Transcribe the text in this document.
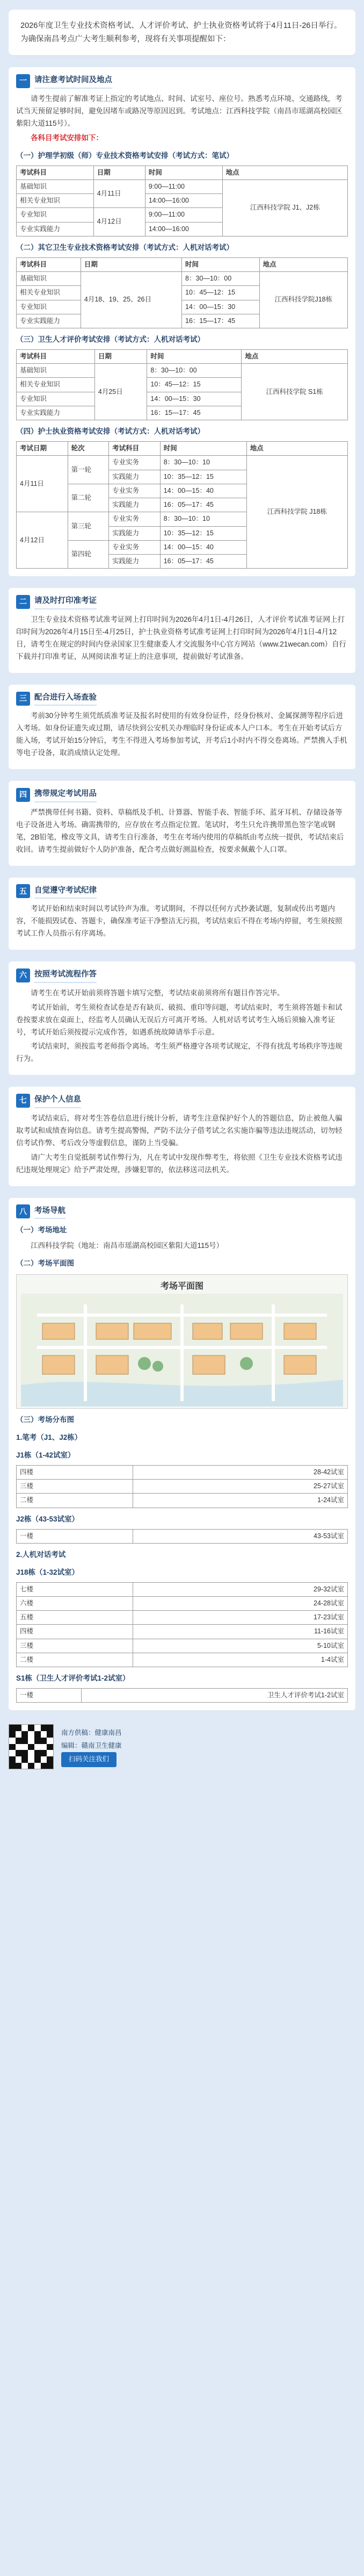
2026年度卫生专业技术资格考试、人才评价考试、护士执业资格考试将于4月11日-26日举行。为确保南昌考点广大考生顺利参考，现将有关事项提醒如下：
一 请注意考试时间及地点

请考生提前了解准考证上指定的考试地点、时间、试室号、座位号。熟悉考点环境、交通路线，考试当天预留足够时间，避免因堵车或路况等原因迟到。考试地点：江西科技学院（南昌市瑶湖高校园区紫阳大道115号）。

各科目考试安排如下：

（一）护理学初级（师）专业技术资格考试安排（考试方式：笔试）
考试科目	日期	时间	地点
基础知识	4月11日	9:00—11:00	江西科技学院 J1、J2栋
相关专业知识		14:00—16:00	
专业知识	4月12日	9:00—11:00	
专业实践能力		14:00—16:00	
（二）其它卫生专业技术资格考试安排（考试方式：人机对话考试）
考试科目	日期	时间	地点
基础知识	4月18、19、25、26日	8：30—10：00	江西科技学院J18栋
相关专业知识		10：45—12：15	
专业知识		14：00—15：30	
专业实践能力		16：15—17：45	
（三）卫生人才评价考试安排（考试方式：人机对话考试）
考试科目	日期	时间	地点
基础知识	4月25日	8：30—10：00	江西科技学院 S1栋
相关专业知识		10：45—12：15	
专业知识		14：00—15：30	
专业实践能力		16：15—17：45	
（四）护士执业资格考试安排（考试方式：人机对话考试）
考试日期	轮次	考试科目	时间	地点
4月11日	第一轮	专业实务	8：30—10：10	江西科技学院 J18栋
		实践能力	10：35—12：15	
	第二轮	专业实务	14：00—15：40	
		实践能力	16：05—17：45	
4月12日	第三轮	专业实务	8：30—10：10	
		实践能力	10：35—12：15	
	第四轮	专业实务	14：00—15：40	
		实践能力	16：05—17：45	
二 请及时打印准考证

卫生专业技术资格考试准考证网上打印时间为2026年4月1日-4月26日，人才评价考试准考证网上打印时间为2026年4月15日至-4月25日，护士执业资格考试准考证网上打印时间为2026年4月1日-4月12日，请考生在规定的时间内登录国家卫生健康委人才交流服务中心官方网站（www.21wecan.com）自行下载并打印准考证，从网阅读准考证上的注意事项，提前做好考试准备。

三 配合进行入场查验

考前30分钟考生须凭纸质准考证及报名时使用的有效身份证件，经身份核对、金属探测等程序后进入考场。如身份证遗失或过期，请尽快到公安机关办理临时身份证或本人户口本。考生在开始考试后方能入场，考试开始15分钟后，考生不得进入考场参加考试，开考后1小时内不得交卷离场。严禁携入手机等电子设备，取消成绩认定处理。

四 携带规定考试用品

严禁携带任何书籍、资料、草稿纸及手机、计算器、智能手表、智能手环、蓝牙耳机、存储设备等电子设备进入考场。确需携带的，应存放在考点指定位置。笔试时，考生只允许携带黑色签字笔或钢笔，2B铅笔，橡皮等文具，请考生自行准备，考生在考场内使用的草稿纸由考点统一提供，考试结束后收回。请考生提前做好个人防护准备，配合考点做好测温检查，按要求佩戴个人口罩。

五 自觉遵守考试纪律

考试开始和结束时间以考试铃声为准。考试期间，不得以任何方式抄袭试题，复制或传出考题内容，不能损毁试卷、答题卡，确保准考证干净整洁无污损，考试结束后不得在考场内停留，考生须按照考试工作人员指示有序离场。

六 按照考试流程作答

请考生在考试开始前须将答题卡填写完整，考试结束前须将所有题目作答完毕。

考试开始前，考生须检查试卷是否有缺页、破损、重印等问题，考试结束时，考生须将答题卡和试卷按要求放在桌面上，经监考人员确认无误后方可离开考场。人机对话考试考生入场后须输入准考证号，考试开始后须按提示完成作答，如遇系统故障请举手示意。

考试结束时，须按监考老师指令离场。考生须严格遵守各项考试规定，不得有扰乱考场秩序等违规行为。

七 保护个人信息

考试结束后，将对考生答卷信息进行统计分析，请考生注意保护好个人的答题信息，防止被他人骗取考试和成绩查询信息。请考生提高警惕，严防不法分子借考试之名实施诈骗等违法违规活动，切勿轻信考试作弊、考后改分等虚假信息，谨防上当受骗。

请广大考生自觉抵制考试作弊行为，凡在考试中发现作弊考生，将依照《卫生专业技术资格考试违纪违规处理规定》给予严肃处理，涉嫌犯罪的，依法移送司法机关。

八 考场导航
（一）考场地址

江西科技学院（地址：南昌市瑶湖高校园区紫阳大道115号）

（二）考场平面图
考场平面图
（三）考场分布图
1.笔考（J1、J2栋）
J1栋（1-42试室）
四楼	28-42试室
三楼	25-27试室
二楼	1-24试室
J2栋（43-53试室）
一楼	43-53试室
2.人机对话考试
J18栋（1-32试室）
七楼	29-32试室
六楼	24-28试室
五楼	17-23试室
四楼	11-16试室
三楼	5-10试室
二楼	1-4试室
S1栋（卫生人才评价考试1-2试室）
一楼	卫生人才评价考试1-2试室
南方供稿：健康南昌
编辑：赣南卫生健康
扫码关注我们
